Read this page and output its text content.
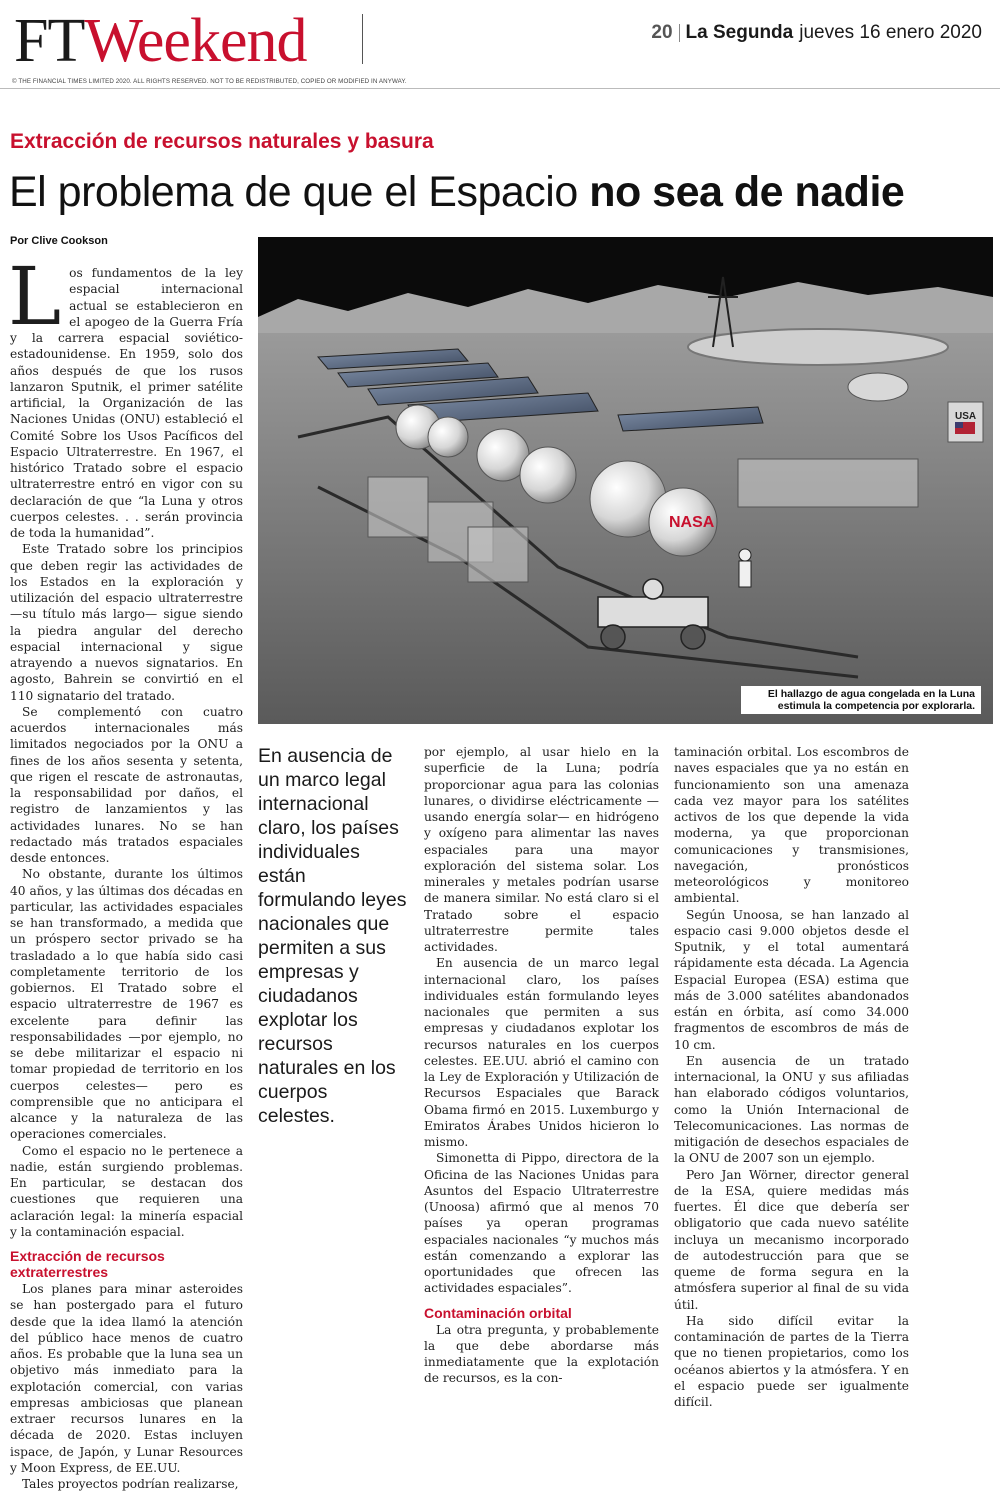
FTWeekend	20 La Segunda jueves 16 enero 2020
© THE FINANCIAL TIMES LIMITED 2020. ALL RIGHTS RESERVED. NOT TO BE REDISTRIBUTED, COPIED OR MODIFIED IN ANYWAY.
Extracción de recursos naturales y basura
El problema de que el Espacio no sea de nadie
Por Clive Cookson
L os fundamentos de la ley espacial internacional actual se establecieron en el apogeo de la Guerra Fría y la carrera espacial soviético-estadounidense. En 1959, solo dos años después de que los rusos lanzaron Sputnik, el primer satélite artificial, la Organización de las Naciones Unidas (ONU) estableció el Comité Sobre los Usos Pacíficos del Espacio Ultraterrestre. En 1967, el histórico Tratado sobre el espacio ultraterrestre entró en vigor con su declaración de que “la Luna y otros cuerpos celestes. . . serán provincia de toda la humanidad”.

Este Tratado sobre los principios que deben regir las actividades de los Estados en la exploración y utilización del espacio ultraterrestre —su título más largo— sigue siendo la piedra angular del derecho espacial internacional y sigue atrayendo a nuevos signatarios. En agosto, Bahrein se convirtió en el 110 signatario del tratado.

Se complementó con cuatro acuerdos internacionales más limitados negociados por la ONU a fines de los años sesenta y setenta, que rigen el rescate de astronautas, la responsabilidad por daños, el registro de lanzamientos y las actividades lunares. No se han redactado más tratados espaciales desde entonces.

No obstante, durante los últimos 40 años, y las últimas dos décadas en particular, las actividades espaciales se han transformado, a medida que un próspero sector privado se ha trasladado a lo que había sido casi completamente territorio de los gobiernos. El Tratado sobre el espacio ultraterrestre de 1967 es excelente para definir las responsabilidades —por ejemplo, no se debe militarizar el espacio ni tomar propiedad de territorio en los cuerpos celestes— pero es comprensible que no anticipara el alcance y la naturaleza de las operaciones comerciales.

Como el espacio no le pertenece a nadie, están surgiendo problemas. En particular, se destacan dos cuestiones que requieren una aclaración legal: la minería espacial y la contaminación espacial.

Extracción de recursos extraterrestres

Los planes para minar asteroides se han postergado para el futuro desde que la idea llamó la atención del público hace menos de cuatro años. Es probable que la luna sea un objetivo más inmediato para la explotación comercial, con varias empresas ambiciosas que planean extraer recursos lunares en la década de 2020. Estas incluyen ispace, de Japón, y Lunar Resources y Moon Express, de EE.UU.

Tales proyectos podrían realizarse,

NASA
USA
El hallazgo de agua congelada en la Luna estimula la competencia por explorarla.
En ausencia de un marco legal internacional claro, los países individuales están formulando leyes nacionales que permiten a sus empresas y ciudadanos explotar los recursos naturales en los cuerpos celestes.

por ejemplo, al usar hielo en la superficie de la Luna; podría proporcionar agua para las colonias lunares, o dividirse eléctricamente —usando energía solar— en hidrógeno y oxígeno para alimentar las naves espaciales para una mayor exploración del sistema solar. Los minerales y metales podrían usarse de manera similar. No está claro si el Tratado sobre el espacio ultraterrestre permite tales actividades.

En ausencia de un marco legal internacional claro, los países individuales están formulando leyes nacionales que permiten a sus empresas y ciudadanos explotar los recursos naturales en los cuerpos celestes. EE.UU. abrió el camino con la Ley de Exploración y Utilización de Recursos Espaciales que Barack Obama firmó en 2015. Luxemburgo y Emiratos Árabes Unidos hicieron lo mismo.

Simonetta di Pippo, directora de la Oficina de las Naciones Unidas para Asuntos del Espacio Ultraterrestre (Unoosa) afirmó que al menos 70 países ya operan programas espaciales nacionales “y muchos más están comenzando a explorar las oportunidades que ofrecen las actividades espaciales”.

Contaminación orbital

La otra pregunta, y probablemente la que debe abordarse más inmediatamente que la explotación de recursos, es la con-

taminación orbital. Los escombros de naves espaciales que ya no están en funcionamiento son una amenaza cada vez mayor para los satélites activos de los que depende la vida moderna, ya que proporcionan comunicaciones y transmisiones, navegación, pronósticos meteorológicos y monitoreo ambiental.

Según Unoosa, se han lanzado al espacio casi 9.000 objetos desde el Sputnik, y el total aumentará rápidamente esta década. La Agencia Espacial Europea (ESA) estima que más de 3.000 satélites abandonados están en órbita, así como 34.000 fragmentos de escombros de más de 10 cm.

En ausencia de un tratado internacional, la ONU y sus afiliadas han elaborado códigos voluntarios, como la Unión Internacional de Telecomunicaciones. Las normas de mitigación de desechos espaciales de la ONU de 2007 son un ejemplo.

Pero Jan Wörner, director general de la ESA, quiere medidas más fuertes. Él dice que debería ser obligatorio que cada nuevo satélite incluya un mecanismo incorporado de autodestrucción para que se queme de forma segura en la atmósfera superior al final de su vida útil.

Ha sido difícil evitar la contaminación de partes de la Tierra que no tienen propietarios, como los océanos abiertos y la atmósfera. Y en el espacio puede ser igualmente difícil.
